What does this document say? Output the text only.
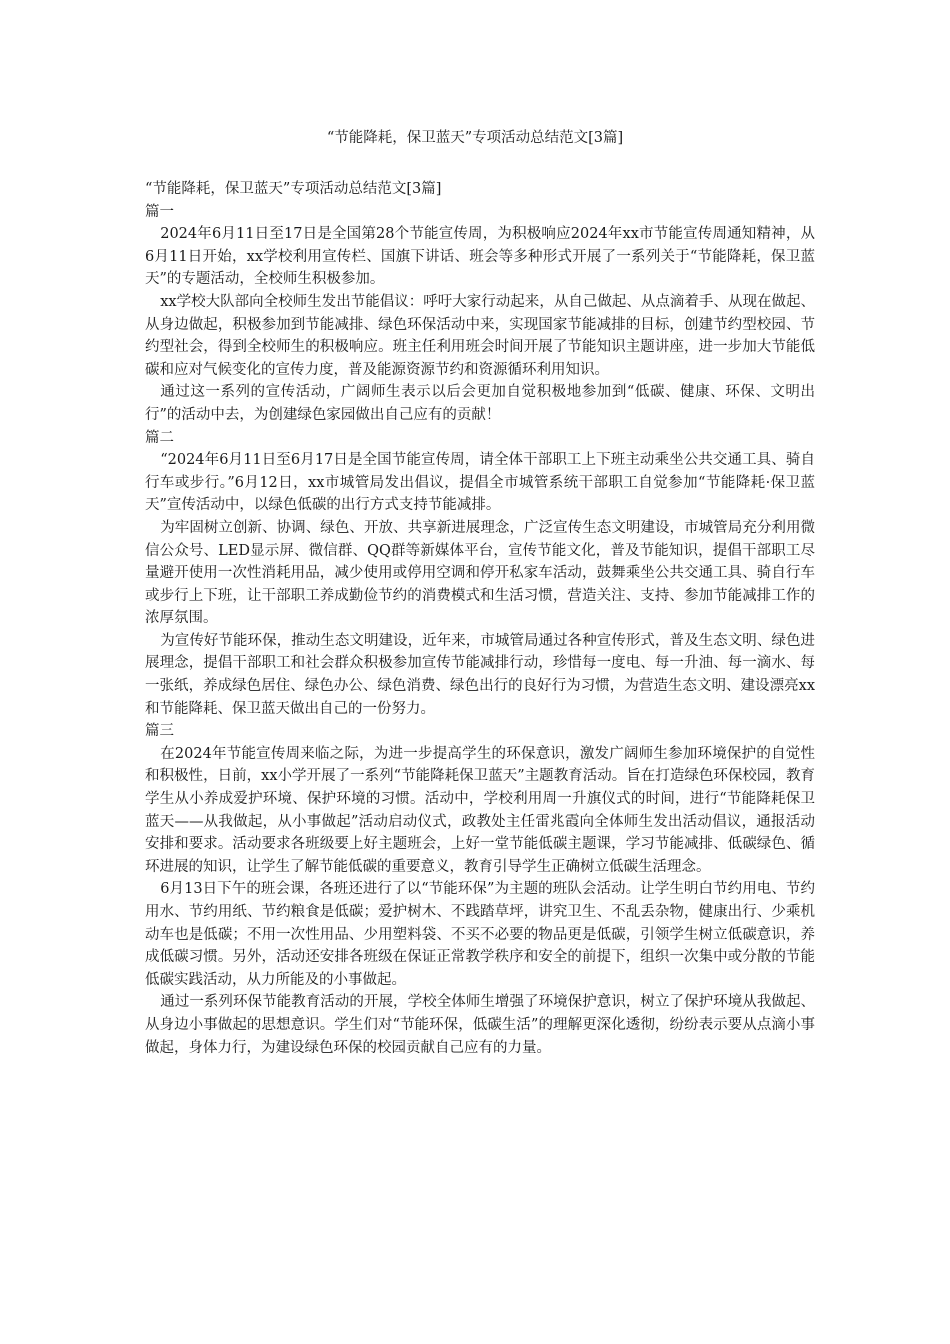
“节能降耗，保卫蓝天”专项活动总结范文[3篇]

“节能降耗，保卫蓝天”专项活动总结范文[3篇]

篇一

2024年6月11日至17日是全国第28个节能宣传周，为积极响应2024年xx市节能宣传周通知精神，从6月11日开始，xx学校利用宣传栏、国旗下讲话、班会等多种形式开展了一系列关于“节能降耗，保卫蓝天”的专题活动，全校师生积极参加。

xx学校大队部向全校师生发出节能倡议：呼吁大家行动起来，从自己做起、从点滴着手、从现在做起、从身边做起，积极参加到节能减排、绿色环保活动中来，实现国家节能减排的目标，创建节约型校园、节约型社会，得到全校师生的积极响应。班主任利用班会时间开展了节能知识主题讲座，进一步加大节能低碳和应对气候变化的宣传力度，普及能源资源节约和资源循环利用知识。

通过这一系列的宣传活动，广阔师生表示以后会更加自觉积极地参加到“低碳、健康、环保、文明出行”的活动中去，为创建绿色家园做出自己应有的贡献！

篇二

“2024年6月11日至6月17日是全国节能宣传周，请全体干部职工上下班主动乘坐公共交通工具、骑自行车或步行。”6月12日，xx市城管局发出倡议，提倡全市城管系统干部职工自觉参加“节能降耗·保卫蓝天”宣传活动中，以绿色低碳的出行方式支持节能减排。

为牢固树立创新、协调、绿色、开放、共享新进展理念，广泛宣传生态文明建设，市城管局充分利用微信公众号、LED显示屏、微信群、QQ群等新媒体平台，宣传节能文化，普及节能知识，提倡干部职工尽量避开使用一次性消耗用品，减少使用或停用空调和停开私家车活动，鼓舞乘坐公共交通工具、骑自行车或步行上下班，让干部职工养成勤俭节约的消费模式和生活习惯，营造关注、支持、参加节能减排工作的浓厚氛围。

为宣传好节能环保，推动生态文明建设，近年来，市城管局通过各种宣传形式，普及生态文明、绿色进展理念，提倡干部职工和社会群众积极参加宣传节能减排行动，珍惜每一度电、每一升油、每一滴水、每一张纸，养成绿色居住、绿色办公、绿色消费、绿色出行的良好行为习惯，为营造生态文明、建设漂亮xx 和节能降耗、保卫蓝天做出自己的一份努力。

篇三

在2024年节能宣传周来临之际，为进一步提高学生的环保意识，激发广阔师生参加环境保护的自觉性和积极性，日前，xx小学开展了一系列“节能降耗保卫蓝天”主题教育活动。旨在打造绿色环保校园，教育学生从小养成爱护环境、保护环境的习惯。活动中，学校利用周一升旗仪式的时间，进行“节能降耗保卫蓝天——从我做起，从小事做起”活动启动仪式，政教处主任雷兆霞向全体师生发出活动倡议，通报活动安排和要求。活动要求各班级要上好主题班会，上好一堂节能低碳主题课，学习节能减排、低碳绿色、循环进展的知识，让学生了解节能低碳的重要意义，教育引导学生正确树立低碳生活理念。

6月13日下午的班会课，各班还进行了以“节能环保”为主题的班队会活动。让学生明白节约用电、节约用水、节约用纸、节约粮食是低碳；爱护树木、不践踏草坪，讲究卫生、不乱丢杂物，健康出行、少乘机动车也是低碳；不用一次性用品、少用塑料袋、不买不必要的物品更是低碳，引领学生树立低碳意识，养成低碳习惯。另外，活动还安排各班级在保证正常教学秩序和安全的前提下，组织一次集中或分散的节能低碳实践活动，从力所能及的小事做起。

通过一系列环保节能教育活动的开展，学校全体师生增强了环境保护意识，树立了保护环境从我做起、从身边小事做起的思想意识。学生们对“节能环保，低碳生活”的理解更深化透彻，纷纷表示要从点滴小事做起，身体力行，为建设绿色环保的校园贡献自己应有的力量。
